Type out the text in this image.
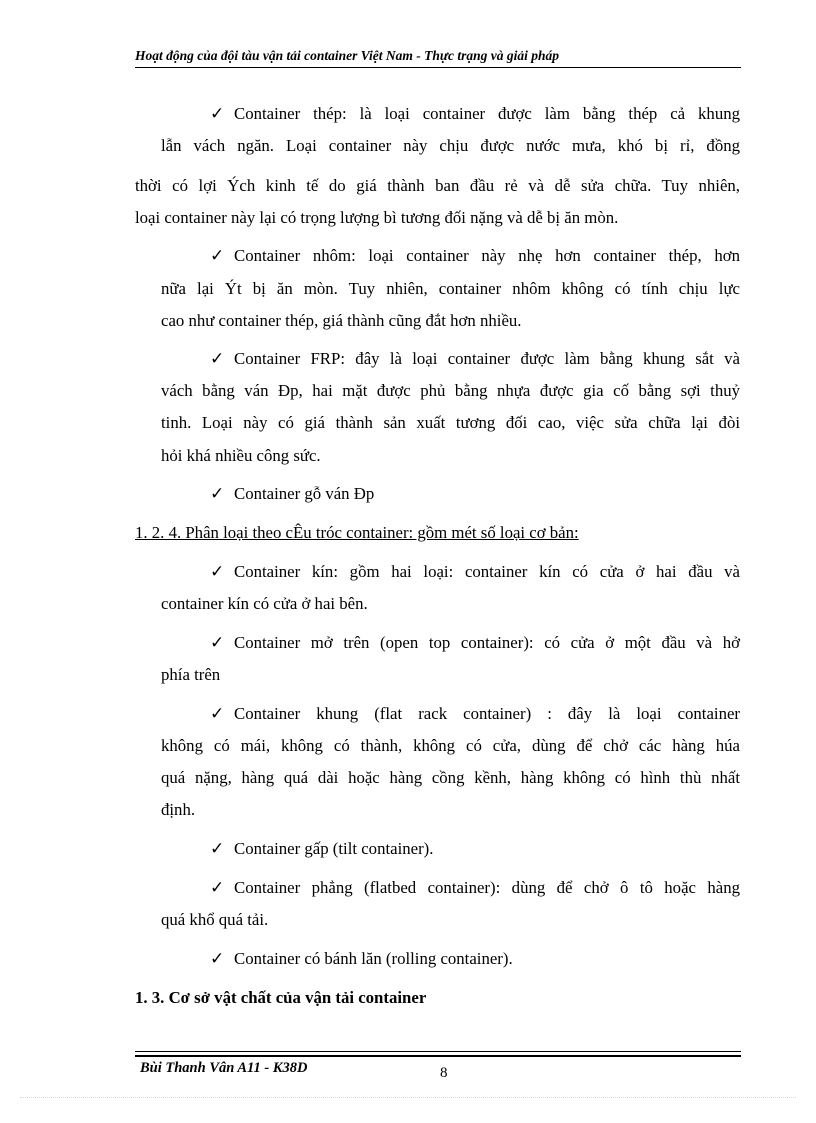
Hoạt động của đội tàu vận tải container Việt Nam - Thực trạng và giải pháp
✓ Container thép: là loại container được làm bằng thép cả khung
lẫn vách ngăn. Loại container này chịu được nước mưa, khó bị rỉ, đồng
thời có lợi Ých kinh tế do giá thành ban đầu rẻ và dễ sửa chữa. Tuy nhiên,
loại container này lại có trọng lượng bì tương đối nặng và dễ bị ăn mòn.
✓ Container nhôm: loại container này nhẹ hơn container thép, hơn
nữa lại Ýt bị ăn mòn. Tuy nhiên, container nhôm không có tính chịu lực
cao như container thép, giá thành cũng đắt hơn nhiều.
✓ Container FRP: đây là loại container được làm bằng khung sắt và
vách bằng ván Ðp, hai mặt được phủ bằng nhựa được gia cố bằng sợi thuỷ
tinh. Loại này có giá thành sản xuất tương đối cao, việc sửa chữa lại đòi
hỏi khá nhiều công sức.
✓ Container gỗ ván Ðp
1. 2. 4. Phân loại theo cÊu tróc container: gồm mét số loại cơ bản:
✓ Container kín: gồm hai loại: container kín có cửa ở hai đầu và
container kín có cửa ở hai bên.
✓ Container mở trên (open top container): có cửa ở một đầu và hở
phía trên
✓ Container khung (flat rack container) : đây là loại container
không có mái, không có thành, không có cửa, dùng để chở các hàng húa
quá nặng, hàng quá dài hoặc hàng cồng kềnh, hàng không có hình thù nhất
định.
✓ Container gấp (tilt container).
✓ Container phẳng (flatbed container): dùng để chở ô tô hoặc hàng
quá khổ quá tải.
✓ Container có bánh lăn (rolling container).
1. 3. Cơ sở vật chất của vận tải container
Bùi Thanh Vân A11 - K38D	8
